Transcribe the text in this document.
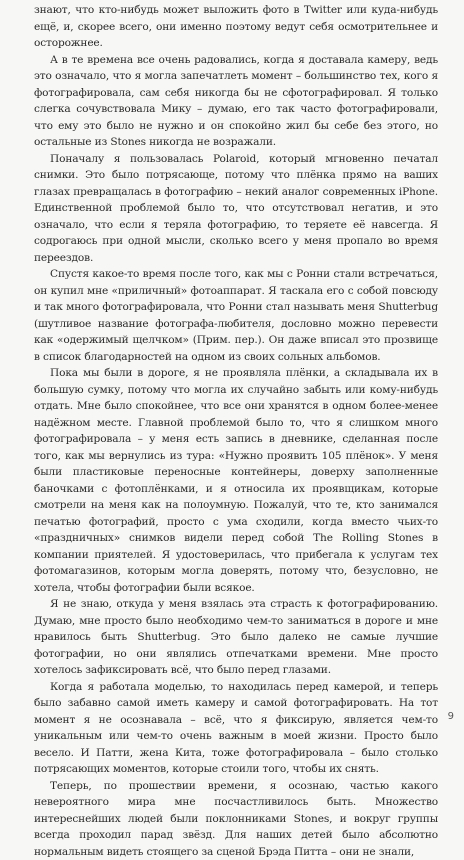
знают, что кто-нибудь может выложить фото в Twitter или куда-нибудь ещё, и, скорее всего, они именно поэтому ведут себя осмотрительнее и осторожнее.

А в те времена все очень радовались, когда я доставала камеру, ведь это означало, что я могла запечатлеть момент – большинство тех, кого я фотографировала, сам себя никогда бы не сфотографировал. Я только слегка сочувствовала Мику – думаю, его так часто фотографировали, что ему это было не нужно и он спокойно жил бы себе без этого, но остальные из Stones никогда не возражали.

Поначалу я пользовалась Polaroid, который мгновенно печатал снимки. Это было потрясающе, потому что плёнка прямо на ваших глазах превращалась в фотографию – некий аналог современных iPhone. Единственной проблемой было то, что отсутствовал негатив, и это означало, что если я теряла фотографию, то теряете её навсегда. Я содрогаюсь при одной мысли, сколько всего у меня пропало во время переездов.

Спустя какое-то время после того, как мы с Ронни стали встречаться, он купил мне «приличный» фотоаппарат. Я таскала его с собой повсюду и так много фотографировала, что Ронни стал называть меня Shutterbug (шутливое название фотографа-любителя, дословно можно перевести как «одержимый щелчком» (Прим. пер.). Он даже вписал это прозвище в список благодарностей на одном из своих сольных альбомов.

Пока мы были в дороге, я не проявляла плёнки, а складывала их в большую сумку, потому что могла их случайно забыть или кому-нибудь отдать. Мне было спокойнее, что все они хранятся в одном более-менее надёжном месте. Главной проблемой было то, что я слишком много фотографировала – у меня есть запись в дневнике, сделанная после того, как мы вернулись из тура: «Нужно проявить 105 плёнок». У меня были пластиковые переносные контейнеры, доверху заполненные баночками с фотоплёнками, и я относила их проявщикам, которые смотрели на меня как на полоумную. Пожалуй, что те, кто занимался печатью фотографий, просто с ума сходили, когда вместо чьих-то «праздничных» снимков видели перед собой The Rolling Stones в компании приятелей. Я удостоверилась, что прибегала к услугам тех фотомагазинов, которым могла доверять, потому что, безусловно, не хотела, чтобы фотографии были всякое.

Я не знаю, откуда у меня взялась эта страсть к фотографированию. Думаю, мне просто было необходимо чем-то заниматься в дороге и мне нравилось быть Shutterbug. Это было далеко не самые лучшие фотографии, но они являлись отпечатками времени. Мне просто хотелось зафиксировать всё, что было перед глазами.

Когда я работала моделью, то находилась перед камерой, и теперь было забавно самой иметь камеру и самой фотографировать. На тот момент я не осознавала – всё, что я фиксирую, является чем-то уникальным или чем-то очень важным в моей жизни. Просто было весело. И Патти, жена Кита, тоже фотографировала – было столько потрясающих моментов, которые стоили того, чтобы их снять.

Теперь, по прошествии времени, я осознаю, частью какого невероятного мира мне посчастливилось быть. Множество интереснейших людей были поклонниками Stones, и вокруг группы всегда проходил парад звёзд. Для наших детей было абсолютно нормальным видеть стоящего за сценой Брэда Питта – они не знали,

9
